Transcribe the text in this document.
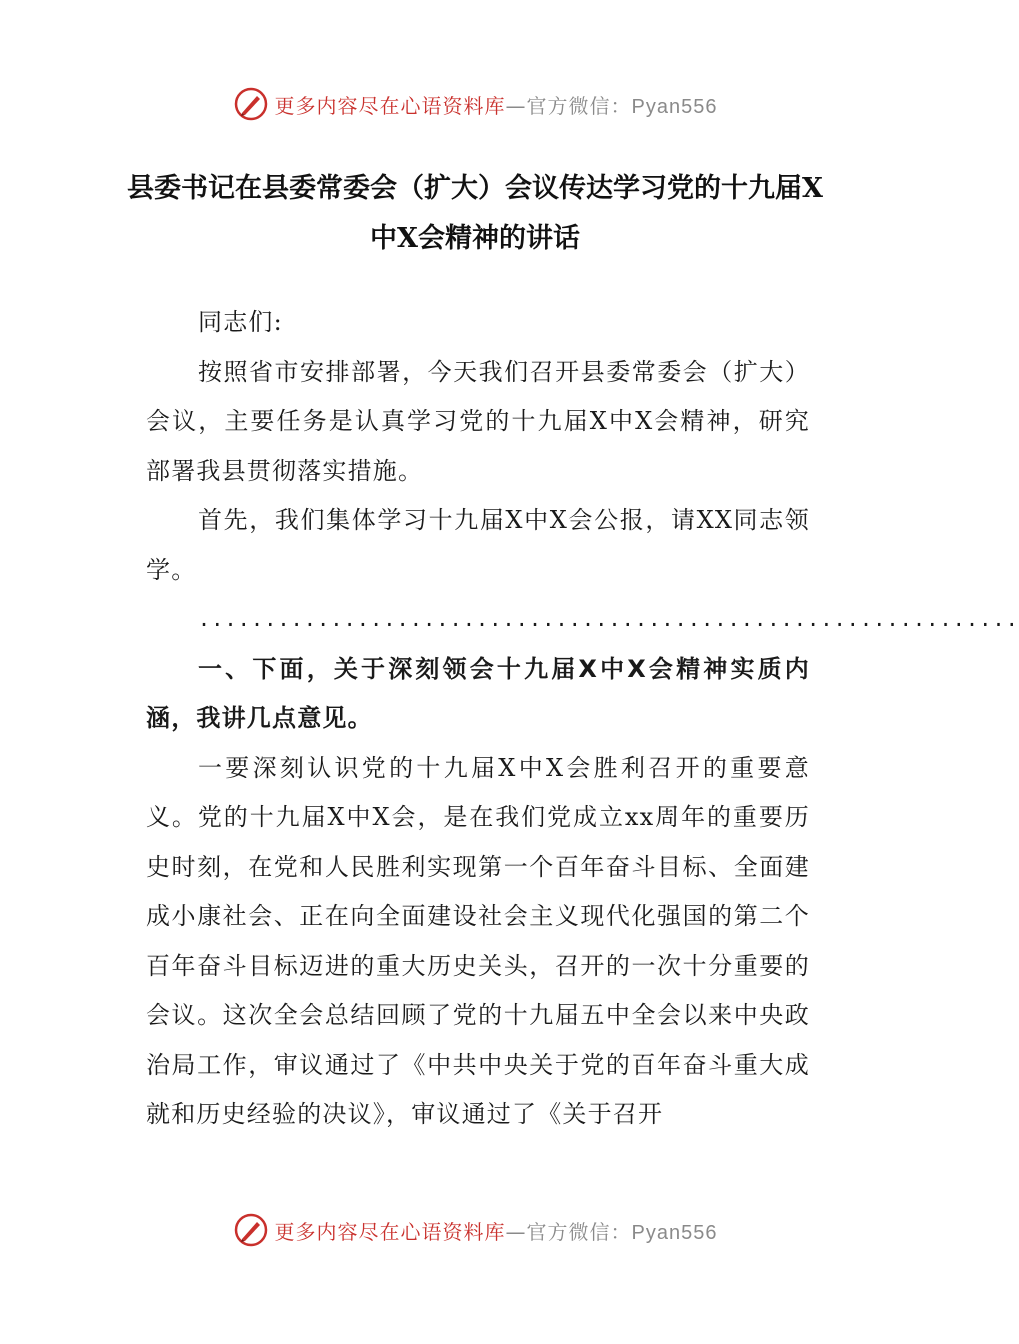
更多内容尽在心语资料库—官方微信：Pyan556
县委书记在县委常委会（扩大）会议传达学习党的十九届X
中X会精神的讲话

同志们:

按照省市安排部署，今天我们召开县委常委会（扩大）会议，主要任务是认真学习党的十九届X中X会精神，研究部署我县贯彻落实措施。

首先，我们集体学习十九届X中X会公报，请XX同志领学。

..............................................................

一、下面，关于深刻领会十九届X中X会精神实质内涵，我讲几点意见。

一要深刻认识党的十九届X中X会胜利召开的重要意义。党的十九届X中X会，是在我们党成立xx周年的重要历史时刻，在党和人民胜利实现第一个百年奋斗目标、全面建成小康社会、正在向全面建设社会主义现代化强国的第二个百年奋斗目标迈进的重大历史关头，召开的一次十分重要的会议。这次全会总结回顾了党的十九届五中全会以来中央政治局工作，审议通过了《中共中央关于党的百年奋斗重大成就和历史经验的决议》，审议通过了《关于召开

更多内容尽在心语资料库—官方微信：Pyan556
